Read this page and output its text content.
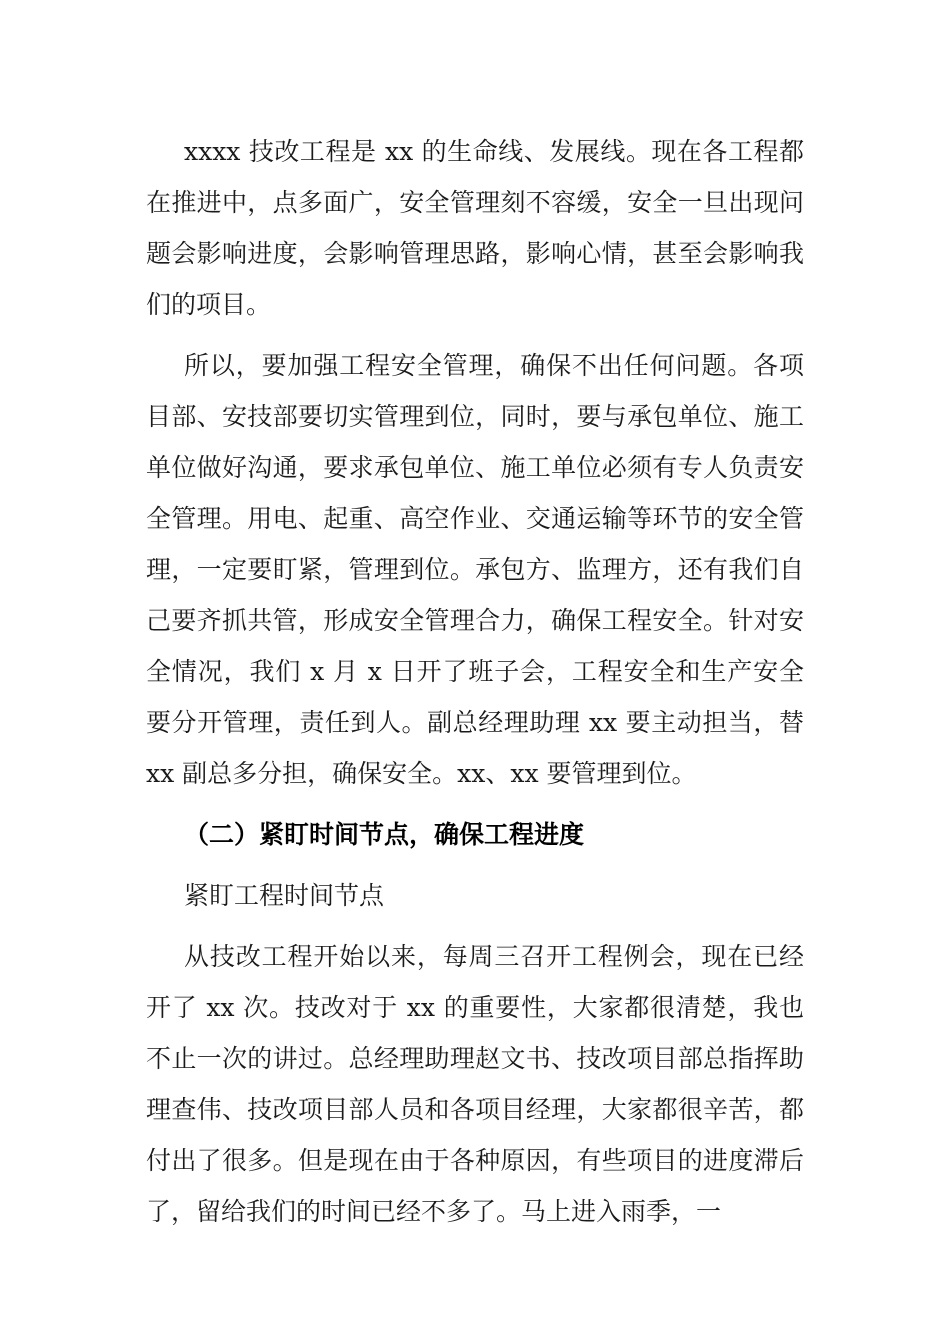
xxxx 技改工程是 xx 的生命线、发展线。现在各工程都在推进中，点多面广，安全管理刻不容缓，安全一旦出现问题会影响进度，会影响管理思路，影响心情，甚至会影响我们的项目。

所以，要加强工程安全管理，确保不出任何问题。各项目部、安技部要切实管理到位，同时，要与承包单位、施工单位做好沟通，要求承包单位、施工单位必须有专人负责安全管理。用电、起重、高空作业、交通运输等环节的安全管理，一定要盯紧，管理到位。承包方、监理方，还有我们自己要齐抓共管，形成安全管理合力，确保工程安全。针对安全情况，我们 x 月 x 日开了班子会，工程安全和生产安全要分开管理，责任到人。副总经理助理 xx 要主动担当，替 xx 副总多分担，确保安全。xx、xx 要管理到位。

（二）紧盯时间节点，确保工程进度

紧盯工程时间节点

从技改工程开始以来，每周三召开工程例会，现在已经开了 xx 次。技改对于 xx 的重要性，大家都很清楚，我也不止一次的讲过。总经理助理赵文书、技改项目部总指挥助理查伟、技改项目部人员和各项目经理，大家都很辛苦，都付出了很多。但是现在由于各种原因，有些项目的进度滞后了，留给我们的时间已经不多了。马上进入雨季，一
